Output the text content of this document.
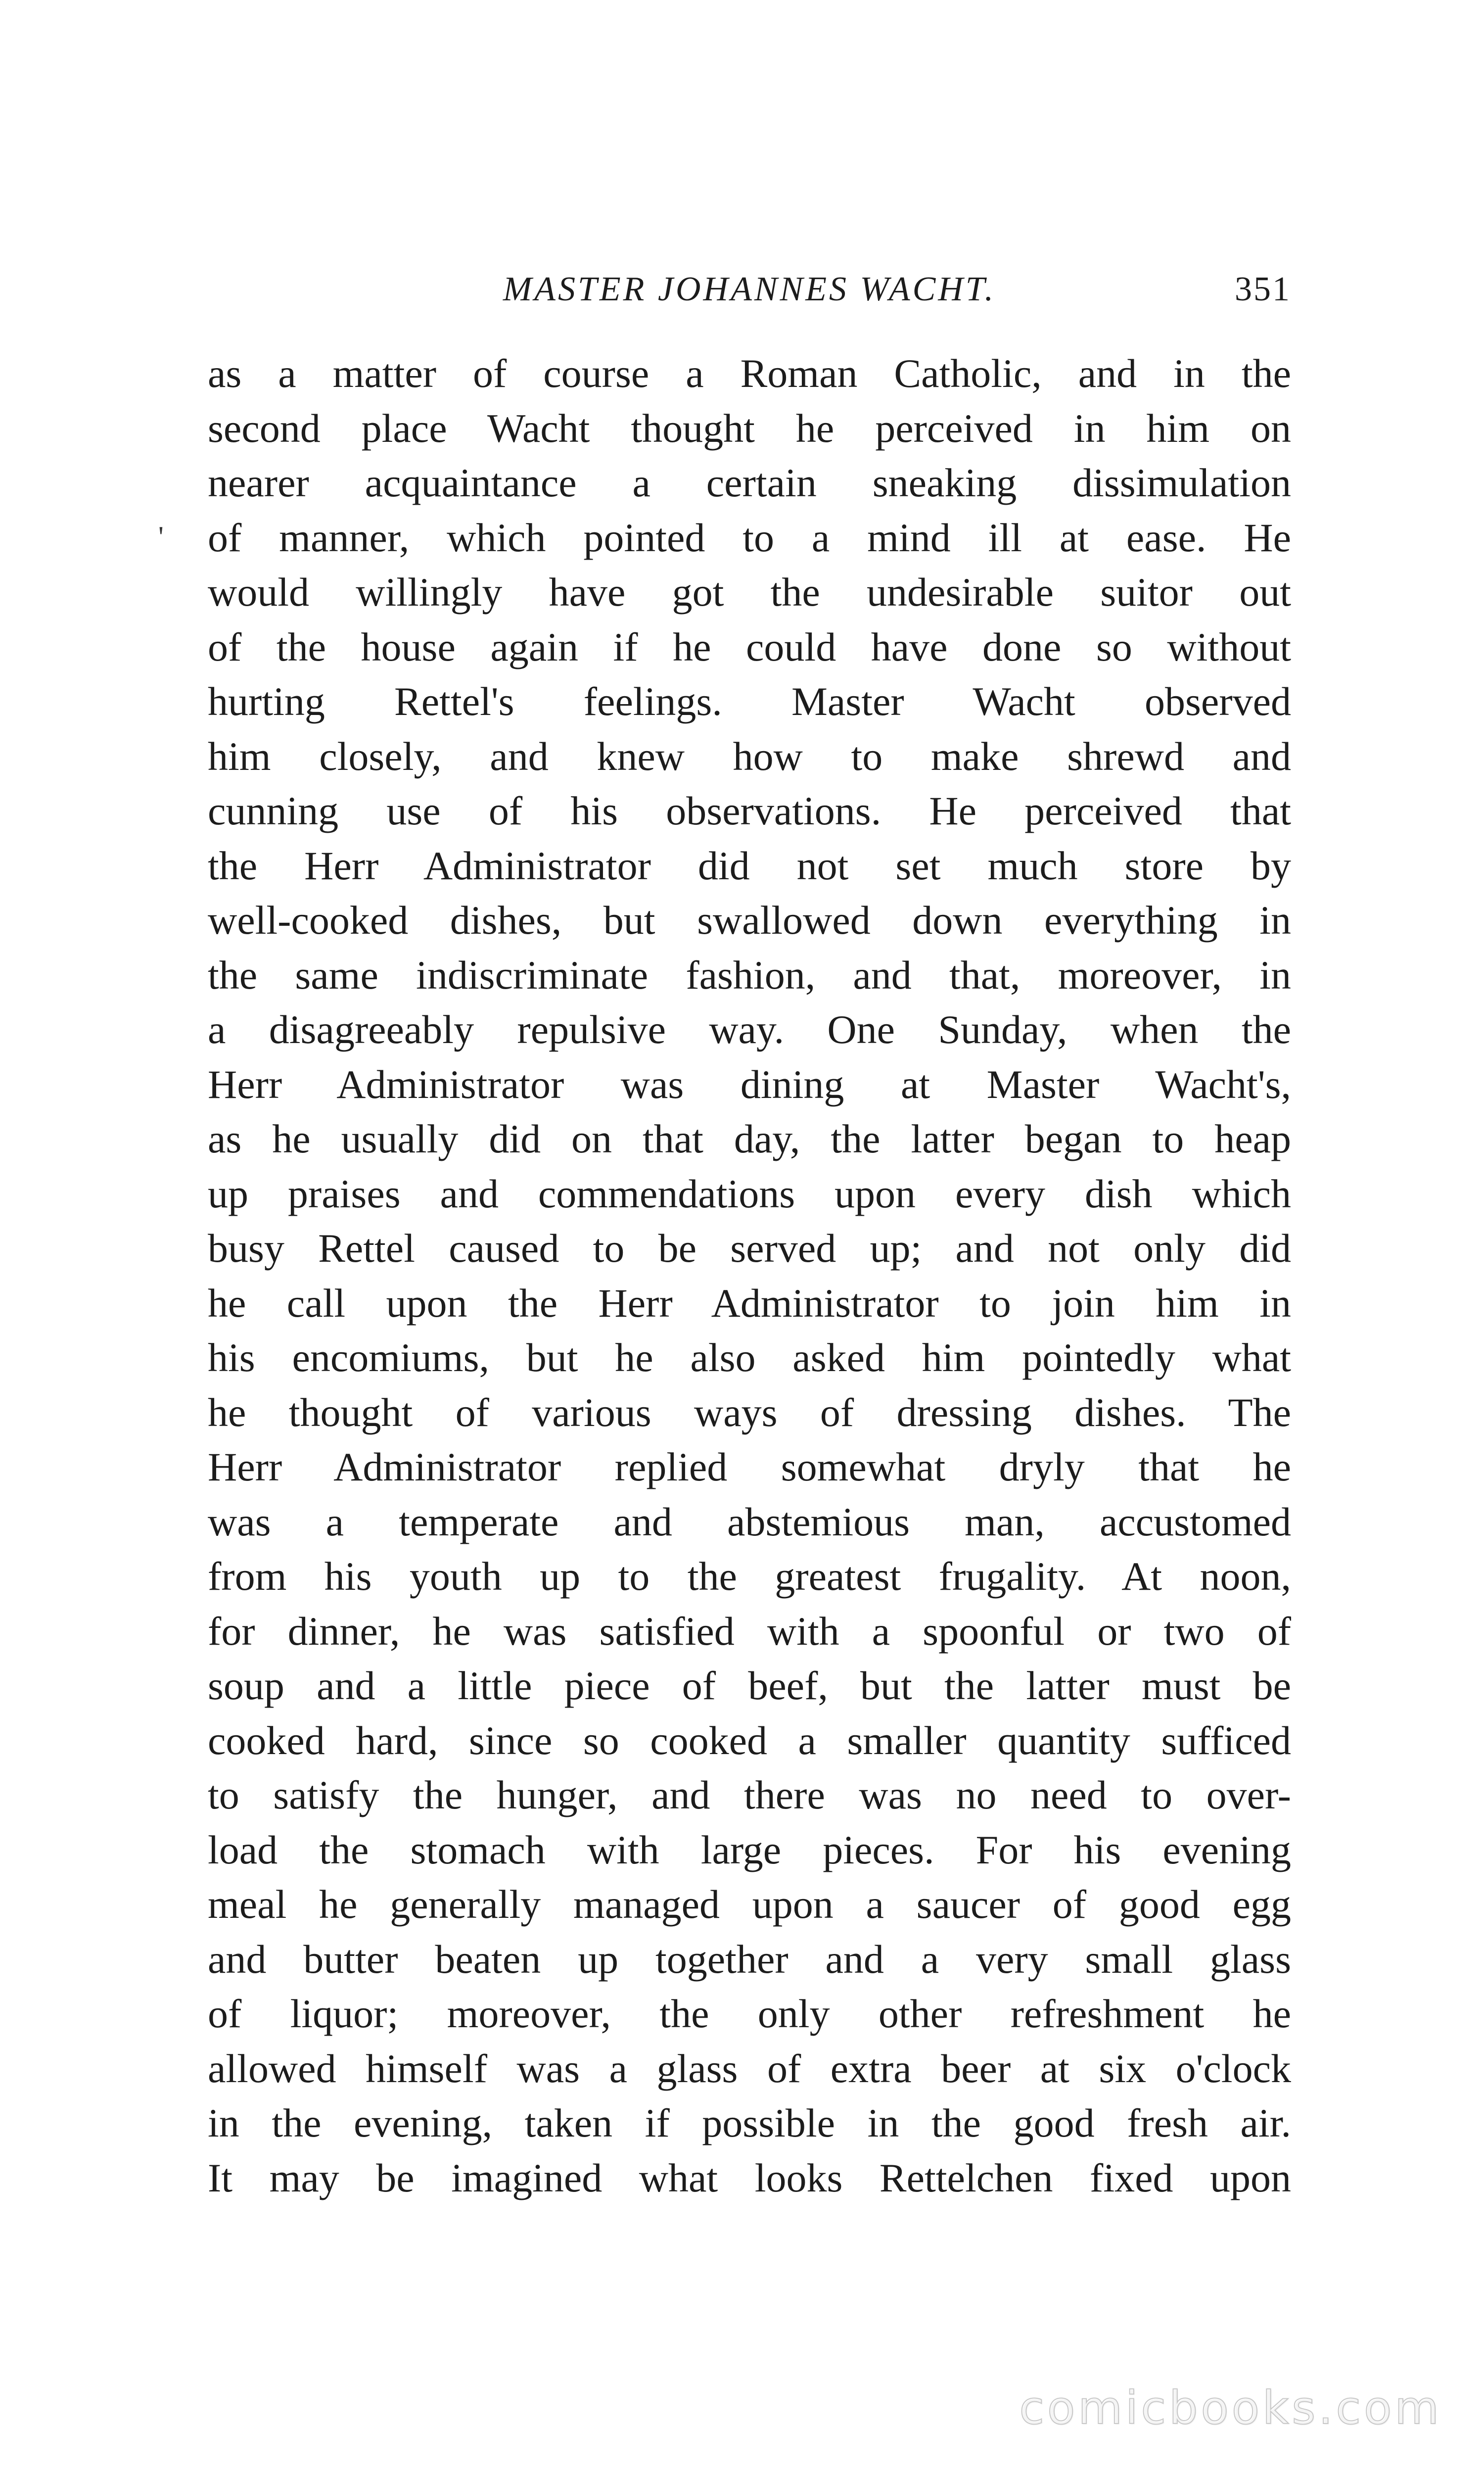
MASTER JOHANNES WACHT.	351
'
as a matter of course a Roman Catholic, and in the
second place Wacht thought he perceived in him on
nearer acquaintance a certain sneaking dissimulation
of manner, which pointed to a mind ill at ease. He
would willingly have got the undesirable suitor out
of the house again if he could have done so without
hurting Rettel's feelings. Master Wacht observed
him closely, and knew how to make shrewd and
cunning use of his observations. He perceived that
the Herr Administrator did not set much store by
well-cooked dishes, but swallowed down everything in
the same indiscriminate fashion, and that, moreover, in
a disagreeably repulsive way. One Sunday, when the
Herr Administrator was dining at Master Wacht's,
as he usually did on that day, the latter began to heap
up praises and commendations upon every dish which
busy Rettel caused to be served up; and not only did
he call upon the Herr Administrator to join him in
his encomiums, but he also asked him pointedly what
he thought of various ways of dressing dishes. The
Herr Administrator replied somewhat dryly that he
was a temperate and abstemious man, accustomed
from his youth up to the greatest frugality. At noon,
for dinner, he was satisfied with a spoonful or two of
soup and a little piece of beef, but the latter must be
cooked hard, since so cooked a smaller quantity sufficed
to satisfy the hunger, and there was no need to over-
load the stomach with large pieces. For his evening
meal he generally managed upon a saucer of good egg
and butter beaten up together and a very small glass
of liquor; moreover, the only other refreshment he
allowed himself was a glass of extra beer at six o'clock
in the evening, taken if possible in the good fresh air.
It may be imagined what looks Rettelchen fixed upon
comicbooks.com
